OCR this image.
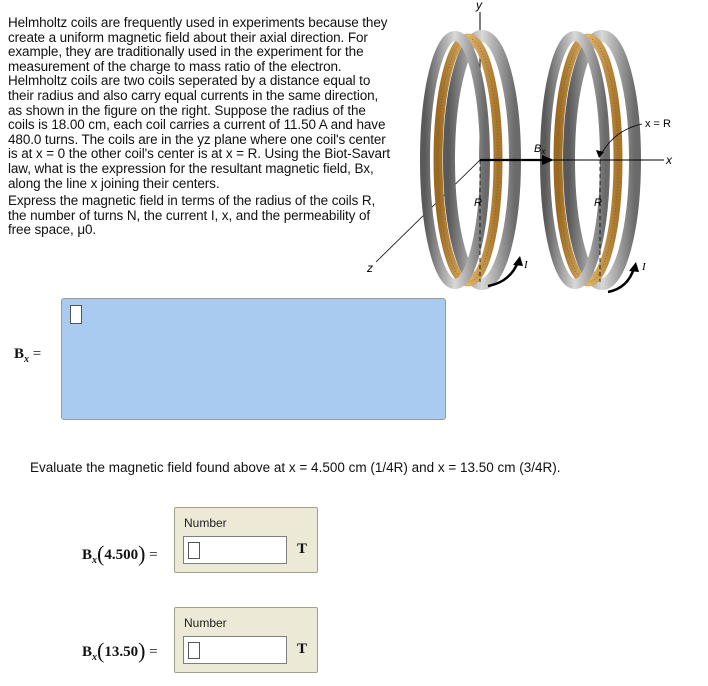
Helmholtz coils are frequently used in experiments because they create a uniform magnetic field about their axial direction. For example, they are traditionally used in the experiment for the measurement of the charge to mass ratio of the electron. Helmholtz coils are two coils seperated by a distance equal to their radius and also carry equal currents in the same direction, as shown in the figure on the right. Suppose the radius of the coils is 18.00 cm, each coil carries a current of 11.50 A and have 480.0 turns. The coils are in the yz plane where one coil's center is at x = 0 the other coil's center is at x = R. Using the Biot-Savart law, what is the expression for the resultant magnetic field, Bx, along the line x joining their centers.
Express the magnetic field in terms of the radius of the coils R, the number of turns N, the current I, x, and the permeability of free space, μ0.
y
z
x
Bx
R	R
x = R
I	I
$B_x$ =
Evaluate the magnetic field found above at x = 4.500 cm (1/4R) and x = 13.50 cm (3/4R).
$B_x(4.500)$ =
Number
T
$B_x(13.50)$ =
Number
T
